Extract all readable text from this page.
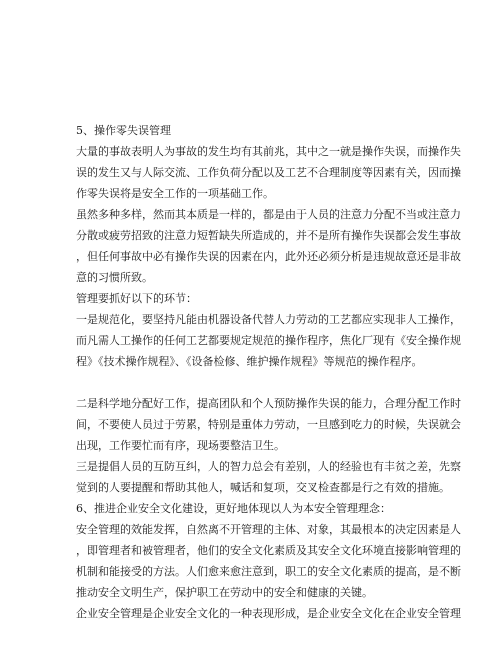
5、操作零失误管理

大量的事故表明人为事故的发生均有其前兆，其中之一就是操作失误，而操作失
误的发生又与人际交流、工作负荷分配以及工艺不合理制度等因素有关，因而操
作零失误将是安全工作的一项基础工作。
虽然多种多样，然而其本质是一样的，都是由于人员的注意力分配不当或注意力
分散或疲劳招致的注意力短暂缺失所造成的，并不是所有操作失误都会发生事故
，但任何事故中必有操作失误的因素在内，此外还必须分析是违规故意还是非故
意的习惯所致。
管理要抓好以下的环节：
一是规范化，要坚持凡能由机器设备代替人力劳动的工艺都应实现非人工操作，
而凡需人工操作的任何工艺都要规定规范的操作程序，焦化厂现有《安全操作规
程》《技术操作规程》、《设备检修、维护操作规程》等规范的操作程序。
二是科学地分配好工作，提高团队和个人预防操作失误的能力，合理分配工作时
间，不要使人员过于劳累，特别是重体力劳动，一旦感到吃力的时候，失误就会
出现，工作要忙而有序，现场要整洁卫生。
三是提倡人员的互防互纠，人的智力总会有差别，人的经验也有丰贫之差，先察
觉到的人要提醒和帮助其他人，喊话和复项，交叉检查都是行之有效的措施。

6、推进企业安全文化建设，更好地体现以人为本安全管理理念：

安全管理的效能发挥，自然离不开管理的主体、对象，其最根本的决定因素是人
，即管理者和被管理者，他们的安全文化素质及其安全文化环境直接影响管理的
机制和能接受的方法。人们愈来愈注意到，职工的安全文化素质的提高，是不断
推动安全文明生产，保护职工在劳动中的安全和健康的关键。
企业安全管理是企业安全文化的一种表现形成，是企业安全文化在企业安全管理
